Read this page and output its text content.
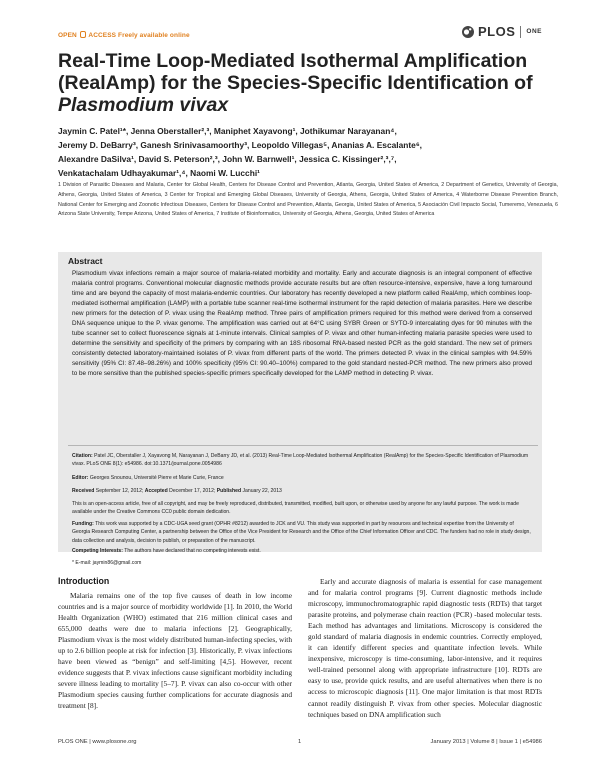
OPEN ACCESS Freely available online	PLOS ONE
Real-Time Loop-Mediated Isothermal Amplification
(RealAmp) for the Species-Specific Identification of
Plasmodium vivax
Jaymin C. Patel¹*, Jenna Oberstaller²,³, Maniphet Xayavong¹, Jothikumar Narayanan⁴,
Jeremy D. DeBarry³, Ganesh Srinivasamoorthy³, Leopoldo Villegas⁵, Ananias A. Escalante⁶,
Alexandre DaSilva¹, David S. Peterson²,³, John W. Barnwell¹, Jessica C. Kissinger²,³,⁷,
Venkatachalam Udhayakumar¹,⁴, Naomi W. Lucchi¹
1 Division of Parasitic Diseases and Malaria, Center for Global Health, Centers for Disease Control and Prevention, Atlanta, Georgia, United States of America, 2 Department of Genetics, University of Georgia, Athens, Georgia, United States of America, 3 Center for Tropical and Emerging Global Diseases, University of Georgia, Athens, Georgia, United States of America, 4 Waterborne Disease Prevention Branch, National Center for Emerging and Zoonotic Infectious Diseases, Centers for Disease Control and Prevention, Atlanta, Georgia, United States of America, 5 Asociación Civil Impacto Social, Tumeremo, Venezuela, 6 Arizona State University, Tempe Arizona, United States of America, 7 Institute of Bioinformatics, University of Georgia, Athens, Georgia, United States of America
Abstract
Plasmodium vivax infections remain a major source of malaria-related morbidity and mortality. Early and accurate diagnosis is an integral component of effective malaria control programs. Conventional molecular diagnostic methods provide accurate results but are often resource-intensive, expensive, have a long turnaround time and are beyond the capacity of most malaria-endemic countries. Our laboratory has recently developed a new platform called RealAmp, which combines loop-mediated isothermal amplification (LAMP) with a portable tube scanner real-time isothermal instrument for the rapid detection of malaria parasites. Here we describe new primers for the detection of P. vivax using the RealAmp method. Three pairs of amplification primers required for this method were derived from a conserved DNA sequence unique to the P. vivax genome. The amplification was carried out at 64°C using SYBR Green or SYTO-9 intercalating dyes for 90 minutes with the tube scanner set to collect fluorescence signals at 1-minute intervals. Clinical samples of P. vivax and other human-infecting malaria parasite species were used to determine the sensitivity and specificity of the primers by comparing with an 18S ribosomal RNA-based nested PCR as the gold standard. The new set of primers consistently detected laboratory-maintained isolates of P. vivax from different parts of the world. The primers detected P. vivax in the clinical samples with 94.59% sensitivity (95% CI: 87.48–98.26%) and 100% specificity (95% CI: 90.40–100%) compared to the gold standard nested-PCR method. The new primers also proved to be more sensitive than the published species-specific primers specifically developed for the LAMP method in detecting P. vivax.
Citation: Patel JC, Oberstaller J, Xayavong M, Narayanan J, DeBarry JD, et al. (2013) Real-Time Loop-Mediated Isothermal Amplification (RealAmp) for the Species-Specific Identification of Plasmodium vivax. PLoS ONE 8(1): e54986. doi:10.1371/journal.pone.0054986
Editor: Georges Snounou, Université Pierre et Marie Curie, France
Received September 12, 2012; Accepted December 17, 2012; Published January 22, 2013
This is an open-access article, free of all copyright, and may be freely reproduced, distributed, transmitted, modified, built upon, or otherwise used by anyone for any lawful purpose. The work is made available under the Creative Commons CC0 public domain dedication.
Funding: This work was supported by a CDC-UGA seed grant (OPHR #8212) awarded to JCK and VU. This study was supported in part by resources and technical expertise from the University of Georgia Research Computing Center, a partnership between the Office of the Vice President for Research and the Office of the Chief Information Officer and CDC. The funders had no role in study design, data collection and analysis, decision to publish, or preparation of the manuscript.
Competing Interests: The authors have declared that no competing interests exist.
* E-mail: jaymin86@gmail.com
Introduction
Malaria remains one of the top five causes of death in low income countries and is a major source of morbidity worldwide [1]. In 2010, the World Health Organization (WHO) estimated that 216 million clinical cases and 655,000 deaths were due to malaria infections [2]. Geographically, Plasmodium vivax is the most widely distributed human-infecting species, with up to 2.6 billion people at risk for infection [3]. Historically, P. vivax infections have been viewed as “benign” and self-limiting [4,5]. However, recent evidence suggests that P. vivax infections cause significant morbidity including severe illness leading to mortality [5–7]. P. vivax can also co-occur with other Plasmodium species causing further complications for accurate diagnosis and treatment [8].
Early and accurate diagnosis of malaria is essential for case management and for malaria control programs [9]. Current diagnostic methods include microscopy, immunochromatographic rapid diagnostic tests (RDTs) that target parasite proteins, and polymerase chain reaction (PCR) -based molecular tests. Each method has advantages and limitations. Microscopy is considered the gold standard of malaria diagnosis in endemic countries. Correctly employed, it can identify different species and quantitate infection levels. While inexpensive, microscopy is time-consuming, labor-intensive, and it requires well-trained personnel along with appropriate infrastructure [10]. RDTs are easy to use, provide quick results, and are useful alternatives when there is no access to microscopic diagnosis [11]. One major limitation is that most RDTs cannot readily distinguish P. vivax from other species. Molecular diagnostic techniques based on DNA amplification such
PLOS ONE | www.plosone.org	1	January 2013 | Volume 8 | Issue 1 | e54986
